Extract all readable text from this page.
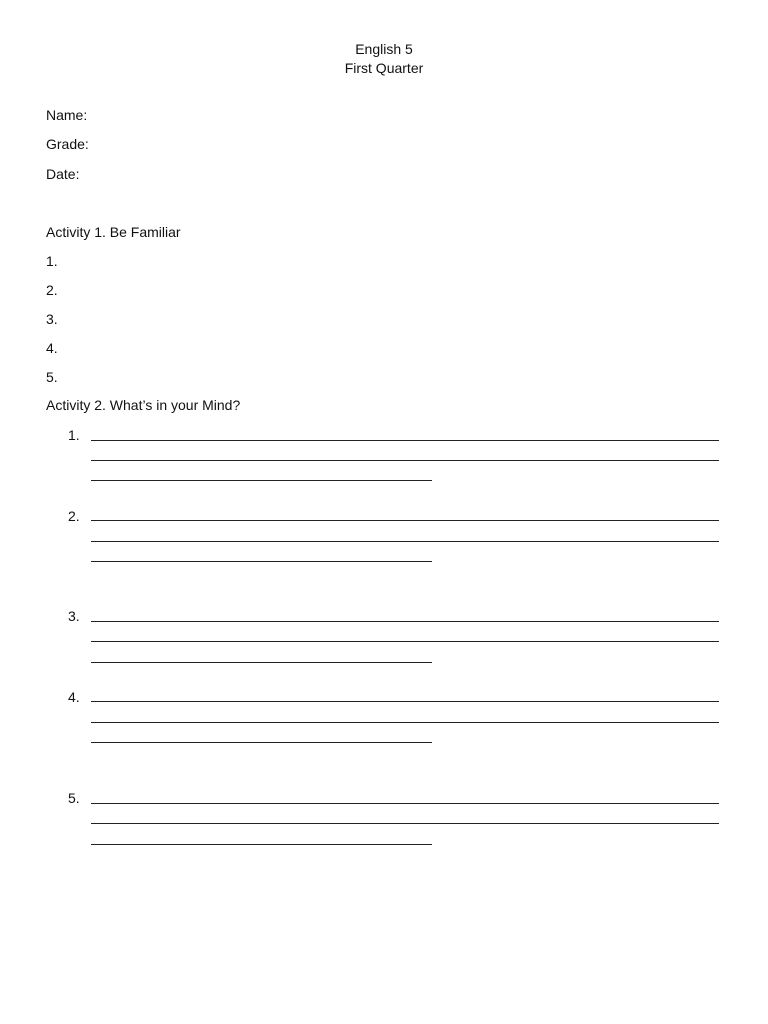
English 5
First Quarter
Name:
Grade:
Date:
Activity 1. Be Familiar
1.
2.
3.
4.
5.
Activity 2. What’s in your Mind?
1.
2.
3.
4.
5.
